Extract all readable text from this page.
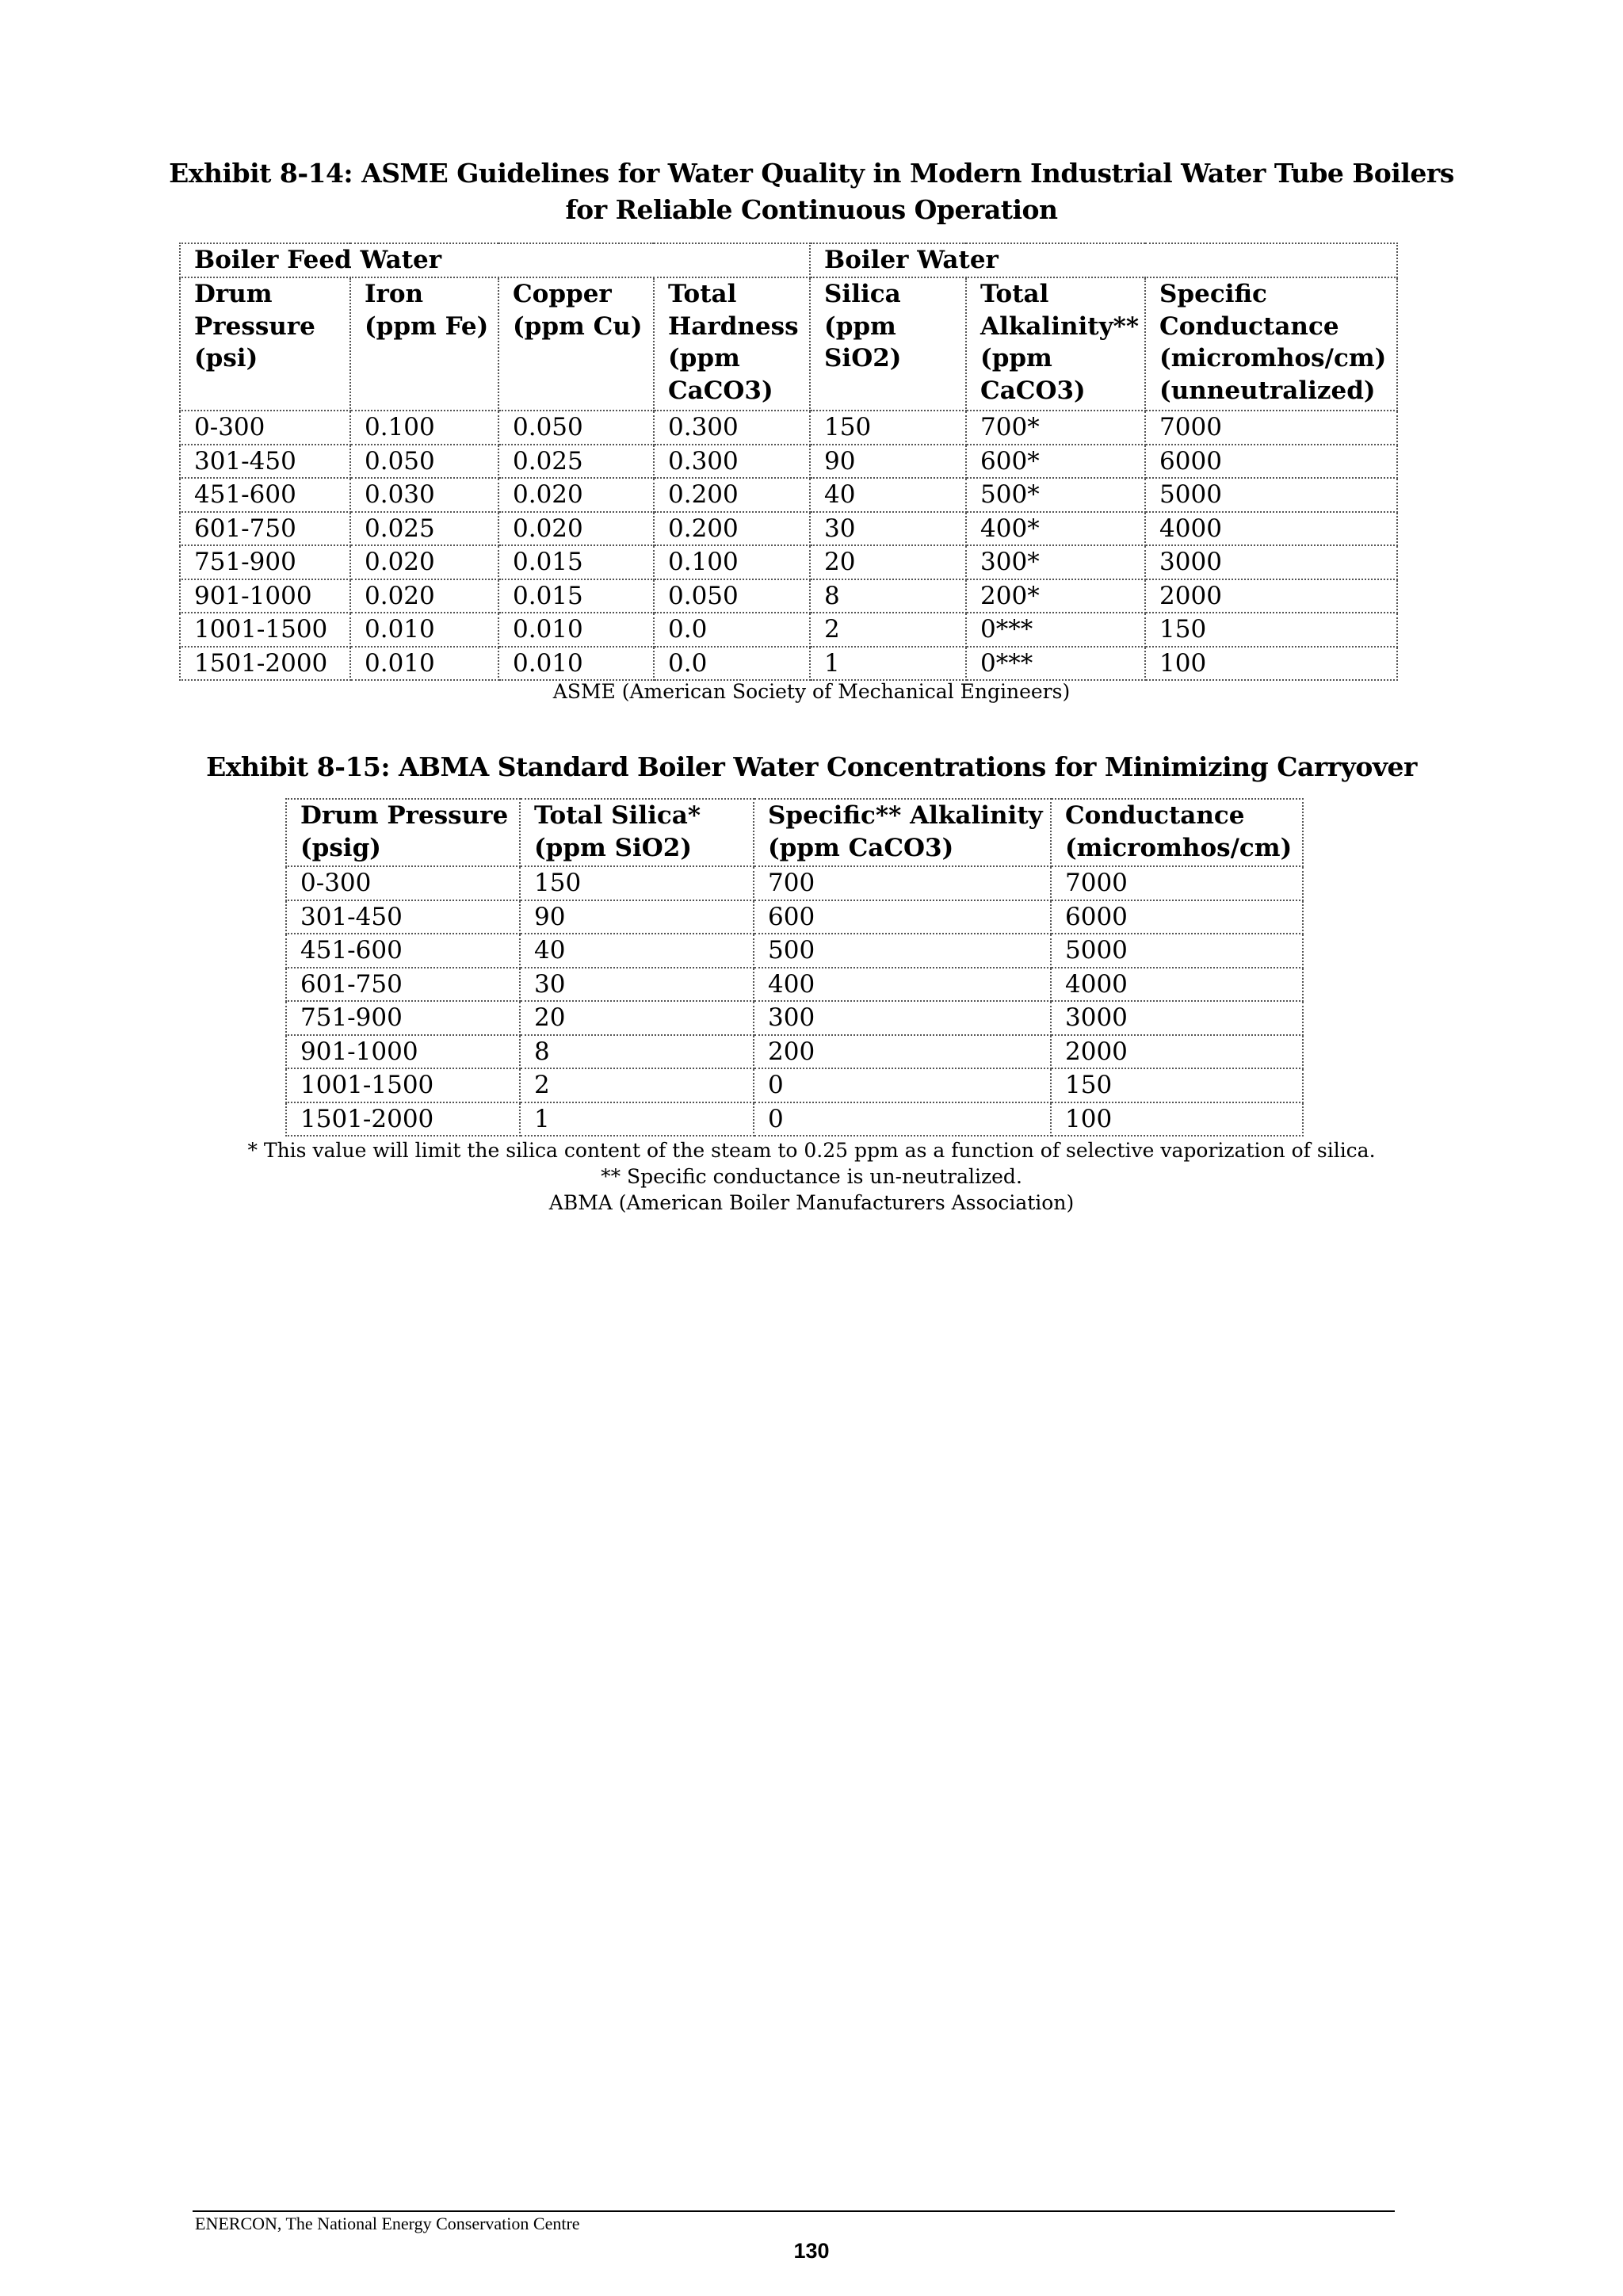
Exhibit 8-14: ASME Guidelines for Water Quality in Modern Industrial Water Tube Boilers

for Reliable Continuous Operation

Boiler Feed Water				Boiler Water		
Drum Pressure (psi)	Iron (ppm Fe)	Copper (ppm Cu)	Total Hardness (ppm CaCO3)	Silica (ppm SiO2)	Total Alkalinity** (ppm CaCO3)	Specific Conductance (micromhos/cm) (unneutralized)
0-300	0.100	0.050	0.300	150	700*	7000
301-450	0.050	0.025	0.300	90	600*	6000
451-600	0.030	0.020	0.200	40	500*	5000
601-750	0.025	0.020	0.200	30	400*	4000
751-900	0.020	0.015	0.100	20	300*	3000
901-1000	0.020	0.015	0.050	8	200*	2000
1001-1500	0.010	0.010	0.0	2	0***	150
1501-2000	0.010	0.010	0.0	1	0***	100

ASME (American Society of Mechanical Engineers)

Exhibit 8-15: ABMA Standard Boiler Water Concentrations for Minimizing Carryover

Drum Pressure (psig)	Total Silica* (ppm SiO2)	Specific** Alkalinity (ppm CaCO3)	Conductance (micromhos/cm)
0-300	150	700	7000
301-450	90	600	6000
451-600	40	500	5000
601-750	30	400	4000
751-900	20	300	3000
901-1000	8	200	2000
1001-1500	2	0	150
1501-2000	1	0	100

* This value will limit the silica content of the steam to 0.25 ppm as a function of selective vaporization of silica.

** Specific conductance is un-neutralized.

ABMA (American Boiler Manufacturers Association)

ENERCON, The National Energy Conservation Centre

130
